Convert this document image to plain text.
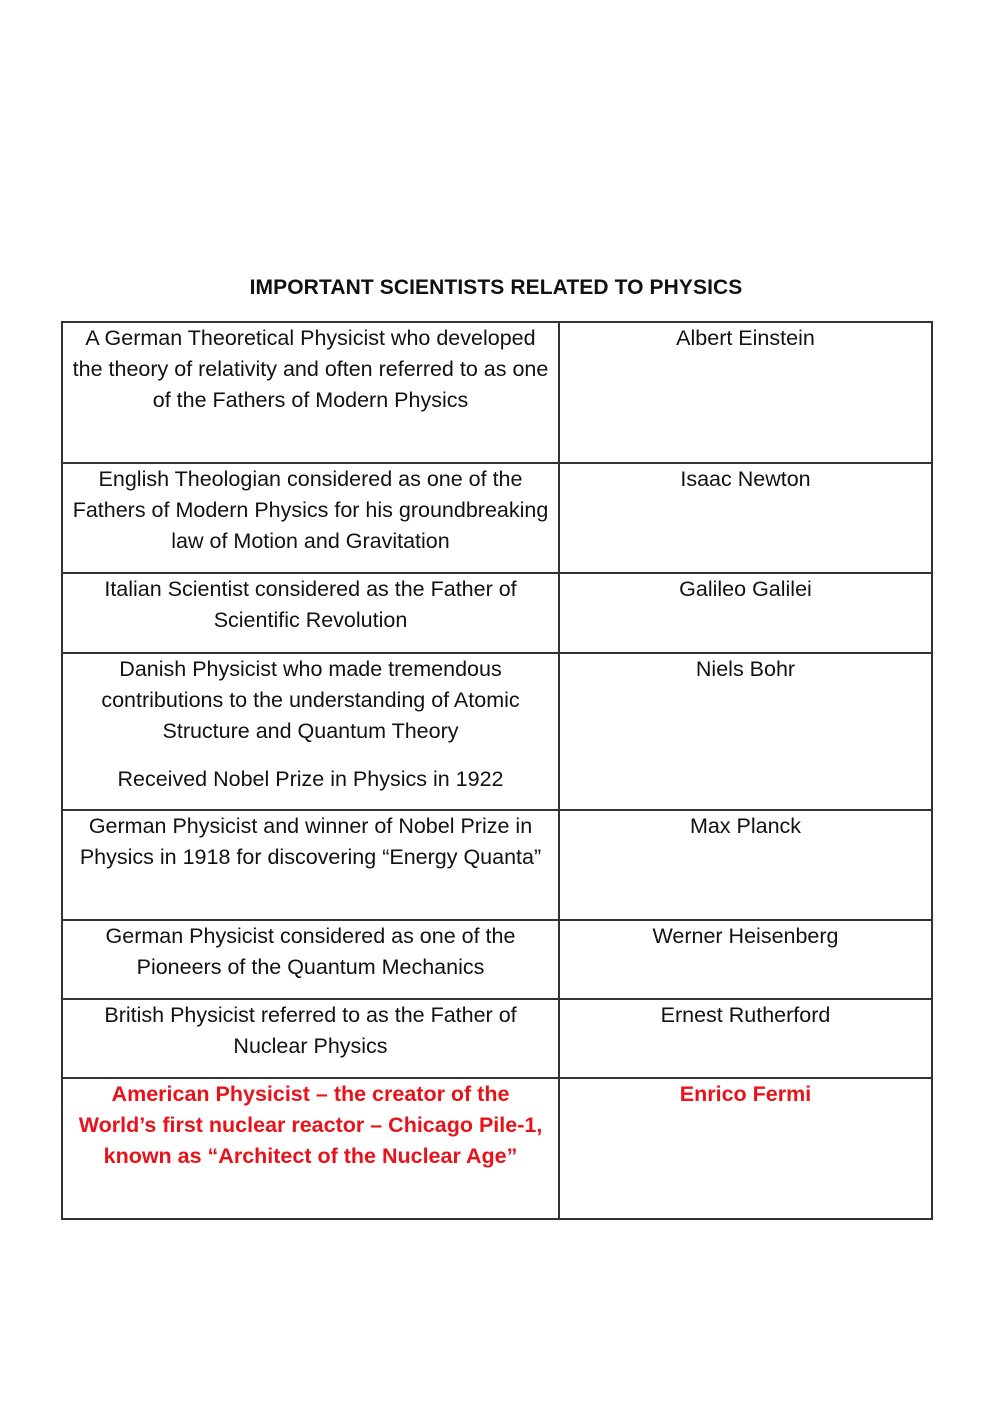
IMPORTANT SCIENTISTS RELATED TO PHYSICS
A German Theoretical Physicist who developed the theory of relativity and often referred to as one of the Fathers of Modern Physics	Albert Einstein

English Theologian considered as one of the Fathers of Modern Physics for his groundbreaking law of Motion and Gravitation	Isaac Newton

Italian Scientist considered as the Father of Scientific Revolution	Galileo Galilei

Danish Physicist who made tremendous contributions to the understanding of Atomic Structure and Quantum Theory
Received Nobel Prize in Physics in 1922	Niels Bohr

German Physicist and winner of Nobel Prize in Physics in 1918 for discovering “Energy Quanta”	Max Planck

German Physicist considered as one of the Pioneers of the Quantum Mechanics	Werner Heisenberg

British Physicist referred to as the Father of Nuclear Physics	Ernest Rutherford

American Physicist – the creator of the World’s first nuclear reactor – Chicago Pile-1, known as “Architect of the Nuclear Age”	Enrico Fermi
